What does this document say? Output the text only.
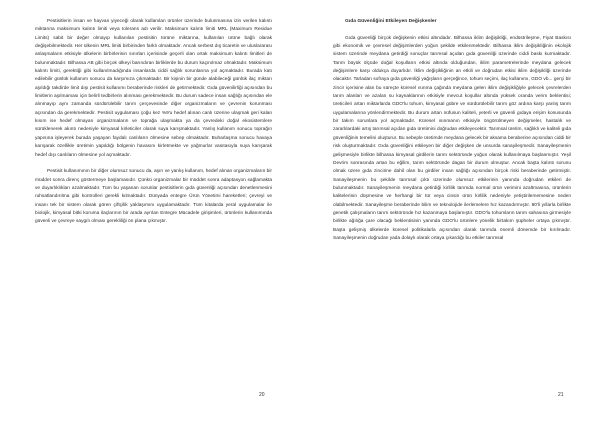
Pestisitlerin insan ve hayvan yiyeceği olarak kullanılan ürünler üzerinde bulunmasına izin verilen kalıntı miktarına maksimum kalıntı limiti veya tolerans adı verilir. Maksimum kalıntı limiti MRL (Maximum Residue Limits) sabit bir değer olmayıp kullanılan pestisitin türüne miktarına, kullanılan ürüne bağlı olarak değişebilmektedir. Her ülkenin MRL limiti birbirinden farklı olmaktadır. Ancak serbest dış ticaretin ve uluslararası anlaşmaların etkisiyle ülkelerin birbirlerinin sınırları içerisinde geçerli olan ortak maksimum kalıntı limitleri de bulunmaktadır. Bilhassa AB gibi birçok ülkeyi barındıran birliklerde bu durum kaçınılmaz olmaktadır. Maksimum kalıntı limiti, gerektiği gibi kullanılmadığında insanlarda ciddi sağlık sorunlarına yol açmaktadır. Burada katı edilebilir günlük kullanım sonucu da karşımıza çıkmaktadır. Bir kişinin bir günde alabileceği günlük ilaç miktarı aşıldığı takdirde limit dışı pestisit kullanımı beraberinde riskleri de getirmektedir. Gıda güvenilirliği açısından bu limitlerin aşılmaması için belirli tedbirlerin alınması gerekmektedir. Bu durum sadece insan sağlığı açısından ele alınmayıp aynı zamanda sürdürülebilir tarım çerçevesinde diğer organizmaların ve çevrenin korunması açısından da gerekmektedir. Pestisit uygulaması çoğu kez %9'u hedef alınan canlı üzerine ulaşmak geri kalan kısım ise hedef olmayan organizmaların ve toprağa ulaşmakta ya da çevredeki doğal ekosistemlere sürüklenerek akıntı nedeniyle kimyasal kirleticiler olarak suya karışmaktadır. Yanlış kullanım sonucu toprağın yapısına işleyerek burada yaşayan faydalı canlıların ölmesine sebep olmaktadır. Buharlaşma sonucu havaya karışarak özellikle üretimin yapıldığı bölgenin havasını kirletmekte ve yağmurlar vasıtasıyla suya karışarak hedef dışı canlıların ölmesine yol açmaktadır.

Pestisit kullanımının bir diğer olumsuz sonucu da, aşırı ve yanlış kullanım, hedef alınan organizmaların bir müddet sonra direnç göstermeye başlamasıdır. Çünkü organizmalar bir müddet sonra adaptasyon sağlamakta ve duyarlıklıkları azalmaktadır. Tüm bu yaşanan sorunlar pestisitlerin gıda güvenliği açısından denetlenmesini ruhsatlandırılma gibi kontrolleri gerekli kılmaktadır. Dünyada entegre Ürün Yönetimi hareketleri; çevreyi ve insanı tek bir sistem olarak gören çiftçilik yaklaşımını uygulamaktadır. Tüm kitalarda yeral uygulamalar ile biolojik, kimyasal bitki koruma ilaçlarının bir arada ayrılan Entegre Mücadele girişimleri, ürünlerin kullanımında güvenli ve çevreye saygılı olması gerekliliği ön plana çıkmıştır.

20

Gıda Güvenliğini Etkileyen Değişkenler

Gıda güvenliği birçok değişkenin etkisi altındadır. Bilhassa iklim değişikliği, endüstrileşme, Fiyat Baskısı gibi ekonomik ve çevresel değişimlerden yoğun şekilde etkilenmektedir. Bilhassa iklim değişikliğinin ekolojik sistem üzerinde meydana getirdiği sonuçlar tarımsal açıdan gıda güvenliği üzerinde ciddi baskı kurmaktadır. Tarım büyük ölçüde doğal koşulların etkisi altında olduğundan, iklim parametrelerinde meydana gelecek değişimlere karşı oldukça duyarlıdır. İklim değişikliğinin an etkili ve doğrudan etkisi iklim değişikliği üzerinde olacaktır. Tarladan sofraya gıda güvenliği yağışların gerçeğince, tohum seçimi, ilaç kullanımı, GDO vb... gerçi bir zincir içerisine alan bu süreçte küresel ısınma çağında meydana gelen iklim değişikliğiyle gelecek çevrelerden tarım alanları ve azalan su kaynaklarının etkisiyle mevcut koşullar altında yüksek oranda verim beklentisi; üreticileri artan miktarlarda GDO'lu tohum, kimyasal gübre ve sürdürülebilir tarım göz ardına karşı yanlış tarım uygulamalarına yönlendirmektedir. Bu durum artan nüfusun kaliteli, yeterli ve güvenli gıdaya erişim konusunda bir takım sorunlara yol açmaktadır. Küresel ısınmanın etkisiyle öngörülmeyen değişmeler, hastalık ve zararlılardaki artış tarımsal açıdan gıda üretimini doğrudan etkileyecektir. Tarımsal üretim, sağlıklı ve kaliteli gıda güvenliğinin temelini oluşturur. Bu sebeple üretimde meydana gelecek bir aksama beraberine açısından ciddi bir risk oluşturmaktadır. Gıda güvenliğini etkileyen bir diğer değişken de unsurda sanayileşmedir. Sanayileşmenin gelişmesiyle birlikte bilhassa kimyasal girdilerin tarım sektöründe yoğun olarak kullanılmaya başlanmıştır. Yeşil Devrim sonrasında artan bu eğilim, tarım sektöründe dagan bir durum olmuştur. Ancak başta kalıntı sorunu olmak üzere gıda zincirine dahil olan bu girdiler insan sağlığı açısından birçok riski beraberinde getirmiştir. Sanayileşmenin bu şekilde tarımsal çıktı üzerinde olumsuz etkilerinin yanında doğrudan etkileri de bulunmaktadır. Sanayileşmenin meydana getirdiği kirlilik tarımda normal ürün verimini azaltmasına, ürünlerin kalitelerinin düşmesine ve herhangi bir tür veya cinsin ürün kirlilik nedeniyle yetiştirilememesine neden olabilmektedir. Sanayileşme beraberinde bilim ve teknolojide ilerlemelere hız kazandırmıştır. 80'li yıllarla birlikte genetik çalışmaların tarım sektöründe hız kazanmaya başlamıştır. GDO'lu tohumların tarım sahasına girmesiyle birlikte ağılığa çare olacağı beklentisinin yanında GDO'lu ürünlere yönelik birtakım şüpheler ortaya çıkmıştır. Başta gelişmiş ülkelerde küresel politikalarla açısından olarak tarımda önemli dönemde bir kırılmadır. Sanayileşmenin doğrudan yada dolaylı olarak ortaya çıkardığı bu etkiler tarımsal

21
